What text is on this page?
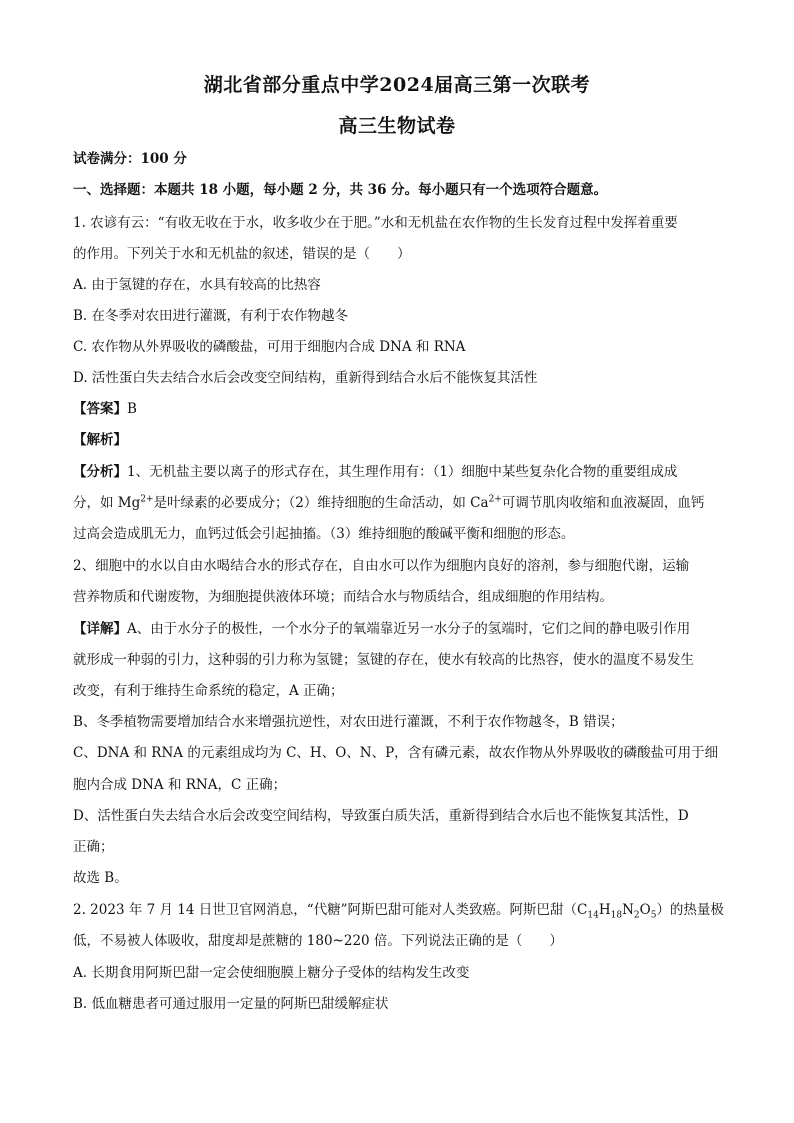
湖北省部分重点中学2024届高三第一次联考
高三生物试卷
试卷满分：100 分
一、选择题：本题共 18 小题，每小题 2 分，共 36 分。每小题只有一个选项符合题意。
1. 农谚有云：“有收无收在于水，收多收少在于肥。”水和无机盐在农作物的生长发育过程中发挥着重要
的作用。下列关于水和无机盐的叙述，错误的是（　　）
A. 由于氢键的存在，水具有较高的比热容
B. 在冬季对农田进行灌溉，有利于农作物越冬
C. 农作物从外界吸收的磷酸盐，可用于细胞内合成 DNA 和 RNA
D. 活性蛋白失去结合水后会改变空间结构，重新得到结合水后不能恢复其活性
【答案】B
【解析】
【分析】1、无机盐主要以离子的形式存在，其生理作用有：（1）细胞中某些复杂化合物的重要组成成
分，如 $Mg^{2+}$是叶绿素的必要成分；（2）维持细胞的生命活动，如 $Ca^{2+}$可调节肌肉收缩和血液凝固，血钙
过高会造成肌无力，血钙过低会引起抽搐。（3）维持细胞的酸碱平衡和细胞的形态。
2、细胞中的水以自由水喝结合水的形式存在，自由水可以作为细胞内良好的溶剂，参与细胞代谢，运输
营养物质和代谢废物，为细胞提供液体环境；而结合水与物质结合，组成细胞的作用结构。
【详解】A、由于水分子的极性，一个水分子的氧端靠近另一水分子的氢端时，它们之间的静电吸引作用
就形成一种弱的引力，这种弱的引力称为氢键；氢键的存在，使水有较高的比热容，使水的温度不易发生
改变，有利于维持生命系统的稳定，A 正确；
B、冬季植物需要增加结合水来增强抗逆性，对农田进行灌溉，不利于农作物越冬，B 错误；
C、DNA 和 RNA 的元素组成均为 C、H、O、N、P，含有磷元素，故农作物从外界吸收的磷酸盐可用于细
胞内合成 DNA 和 RNA，C 正确；
D、活性蛋白失去结合水后会改变空间结构，导致蛋白质失活，重新得到结合水后也不能恢复其活性，D
正确；
故选 B。
2. 2023 年 7 月 14 日世卫官网消息，“代糖”阿斯巴甜可能对人类致癌。阿斯巴甜$(C_{14}H_{18}N_2O_5)$的热量极
低，不易被人体吸收，甜度却是蔗糖的 180~220 倍。下列说法正确的是（　　）
A. 长期食用阿斯巴甜一定会使细胞膜上糖分子受体的结构发生改变
B. 低血糖患者可通过服用一定量的阿斯巴甜缓解症状
